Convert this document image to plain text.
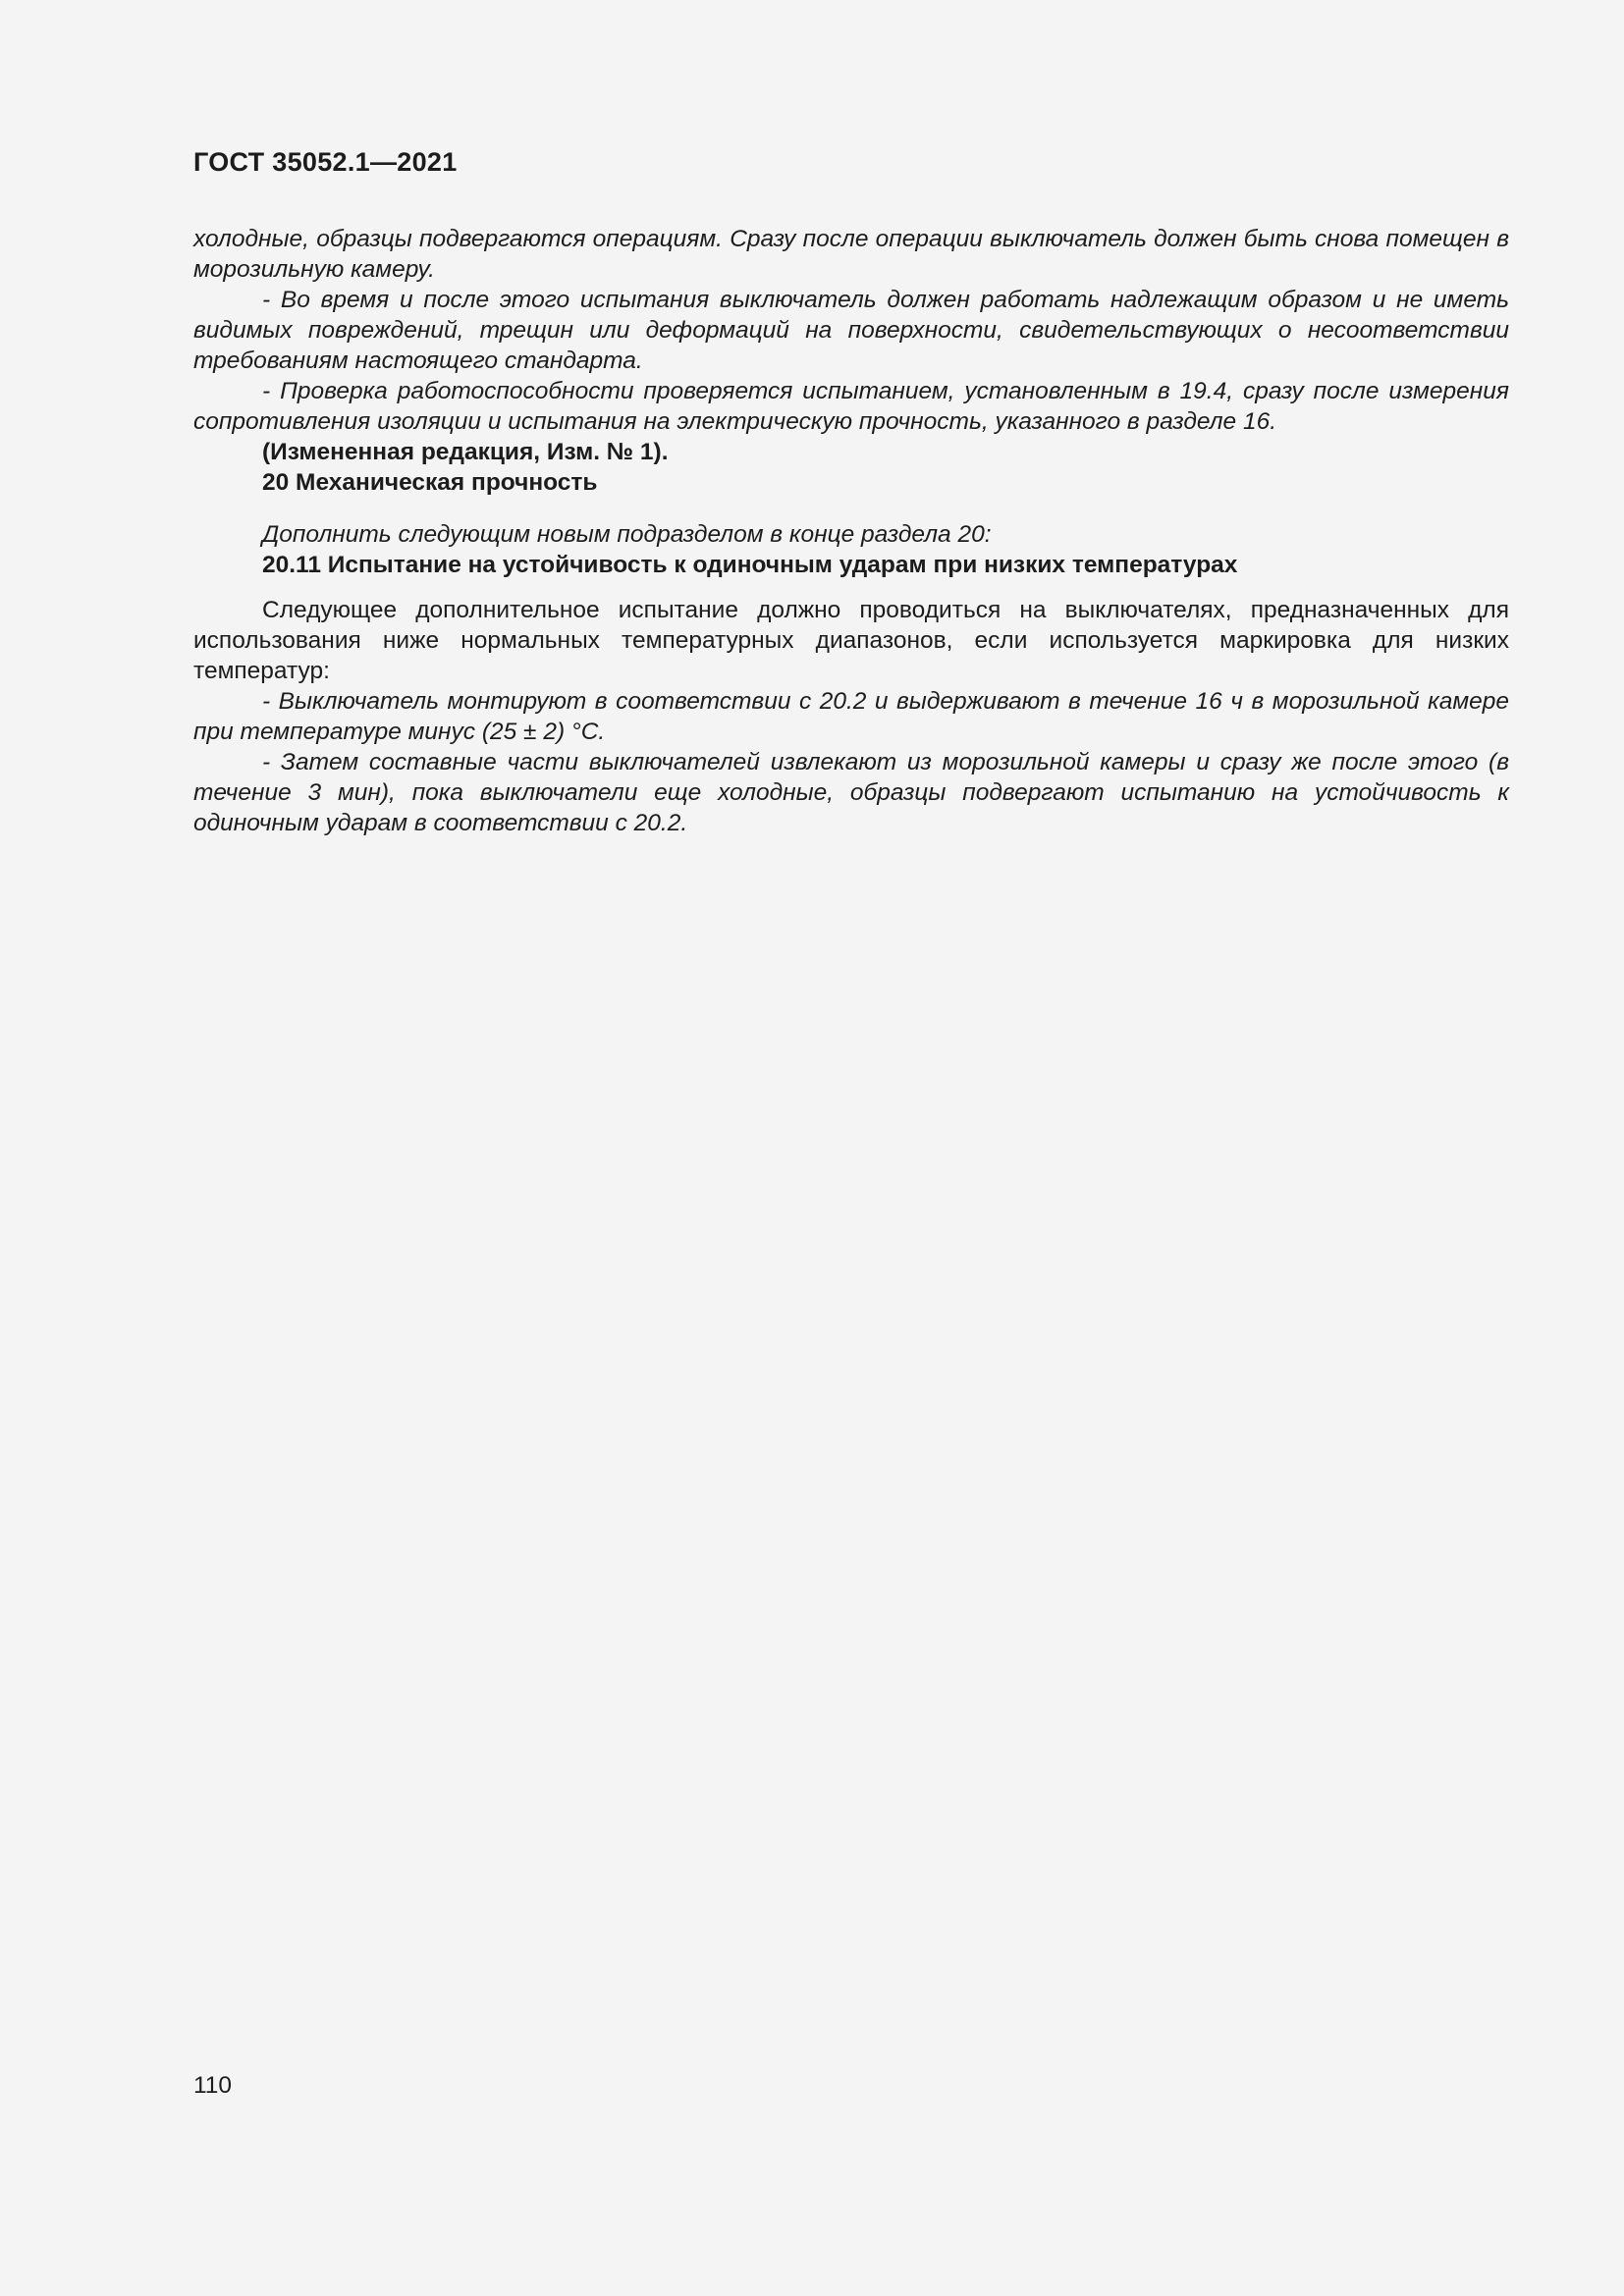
ГОСТ 35052.1—2021

холодные, образцы подвергаются операциям. Сразу после операции выключатель должен быть снова помещен в морозильную камеру.

- Во время и после этого испытания выключатель должен работать надлежащим образом и не иметь видимых повреждений, трещин или деформаций на поверхности, свидетельствующих о несоответствии требованиям настоящего стандарта.

- Проверка работоспособности проверяется испытанием, установленным в 19.4, сразу после измерения сопротивления изоляции и испытания на электрическую прочность, указанного в разделе 16.

(Измененная редакция, Изм. № 1).

20 Механическая прочность

Дополнить следующим новым подразделом в конце раздела 20:

20.11 Испытание на устойчивость к одиночным ударам при низких температурах

Следующее дополнительное испытание должно проводиться на выключателях, предназначенных для использования ниже нормальных температурных диапазонов, если используется маркировка для низких температур:

- Выключатель монтируют в соответствии с 20.2 и выдерживают в течение 16 ч в морозильной камере при температуре минус (25 ± 2) °С.

- Затем составные части выключателей извлекают из морозильной камеры и сразу же после этого (в течение 3 мин), пока выключатели еще холодные, образцы подвергают испытанию на устойчивость к одиночным ударам в соответствии с 20.2.

110
